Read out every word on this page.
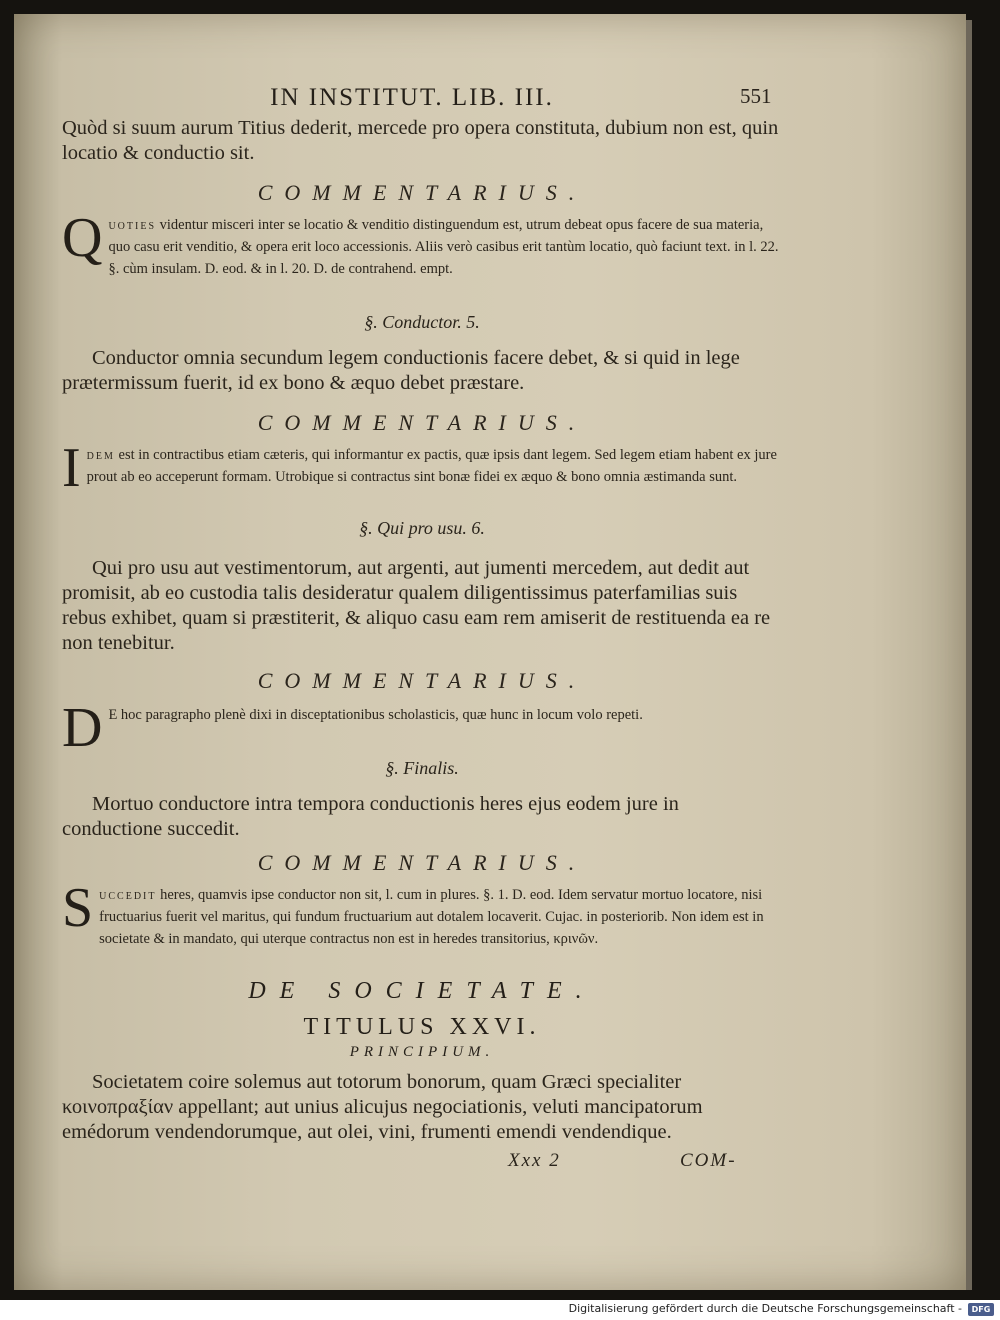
IN INSTITUT. LIB. III.	551

Quòd si suum aurum Titius dederit, mercede pro opera constituta, dubium non est, quin locatio & conductio sit.

COMMENTARIUS.

Quoties videntur misceri inter se locatio & venditio distinguendum est, utrum debeat opus facere de sua materia, quo casu erit venditio, & opera erit loco accessionis. Aliis verò casibus erit tantùm locatio, quò faciunt text. in l. 22. §. cùm insulam. D. eod. & in l. 20. D. de contrahend. empt.

§. Conductor. 5.

Conductor omnia secundum legem conductionis facere debet, & si quid in lege prætermissum fuerit, id ex bono & æquo debet præstare.

COMMENTARIUS.

Idem est in contractibus etiam cæteris, qui informantur ex pactis, quæ ipsis dant legem. Sed legem etiam habent ex jure prout ab eo acceperunt formam. Utrobique si contractus sint bonæ fidei ex æquo & bono omnia æstimanda sunt.

§. Qui pro usu. 6.

Qui pro usu aut vestimentorum, aut argenti, aut jumenti mercedem, aut dedit aut promisit, ab eo custodia talis desideratur qualem diligentissimus paterfamilias suis rebus exhibet, quam si præstiterit, & aliquo casu eam rem amiserit de restituenda ea re non tenebitur.

COMMENTARIUS.

D E hoc paragrapho plenè dixi in disceptationibus scholasticis, quæ hunc in locum volo repeti.

§. Finalis.

Mortuo conductore intra tempora conductionis heres ejus eodem jure in conductione succedit.

COMMENTARIUS.

Succedit heres, quamvis ipse conductor non sit, l. cum in plures. §. 1. D. eod. Idem servatur mortuo locatore, nisi fructuarius fuerit vel maritus, qui fundum fructuarium aut dotalem locaverit. Cujac. in posteriorib. Non idem est in societate & in mandato, qui uterque contractus non est in heredes transitorius, κρινῶν.

DE SOCIETATE.
TITULUS XXVI.
PRINCIPIUM.

Societatem coire solemus aut totorum bonorum, quam Græci specialiter κοινοπραξίαν appellant; aut unius alicujus negociationis, veluti mancipatorum emédorum vendendorumque, aut olei, vini, frumenti emendi vendendique.

Xxx 2	COM-
Digitalisierung gefördert durch die Deutsche Forschungsgemeinschaft -	DFG
